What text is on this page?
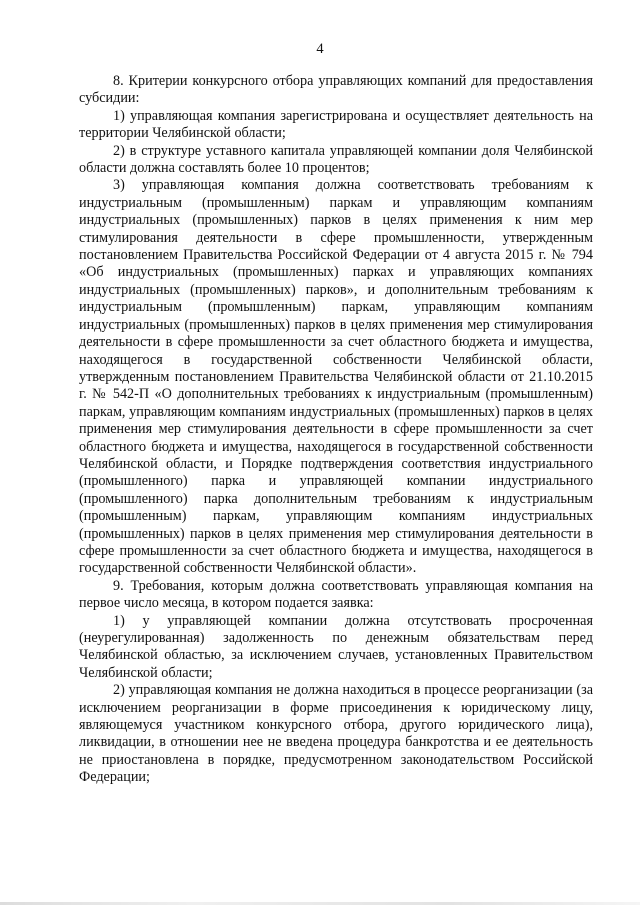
4

8. Критерии конкурсного отбора управляющих компаний для предоставления субсидии:

1) управляющая компания зарегистрирована и осуществляет деятельность на территории Челябинской области;

2) в структуре уставного капитала управляющей компании доля Челябинской области должна составлять более 10 процентов;

3) управляющая компания должна соответствовать требованиям к индустриальным (промышленным) паркам и управляющим компаниям индустриальных (промышленных) парков в целях применения к ним мер стимулирования деятельности в сфере промышленности, утвержденным постановлением Правительства Российской Федерации от 4 августа 2015 г. № 794 «Об индустриальных (промышленных) парках и управляющих компаниях индустриальных (промышленных) парков», и дополнительным требованиям к индустриальным (промышленным) паркам, управляющим компаниям индустриальных (промышленных) парков в целях применения мер стимулирования деятельности в сфере промышленности за счет областного бюджета и имущества, находящегося в государственной собственности Челябинской области, утвержденным постановлением Правительства Челябинской области от 21.10.2015 г. № 542-П «О дополнительных требованиях к индустриальным (промышленным) паркам, управляющим компаниям индустриальных (промышленных) парков в целях применения мер стимулирования деятельности в сфере промышленности за счет областного бюджета и имущества, находящегося в государственной собственности Челябинской области, и Порядке подтверждения соответствия индустриального (промышленного) парка и управляющей компании индустриального (промышленного) парка дополнительным требованиям к индустриальным (промышленным) паркам, управляющим компаниям индустриальных (промышленных) парков в целях применения мер стимулирования деятельности в сфере промышленности за счет областного бюджета и имущества, находящегося в государственной собственности Челябинской области».

9. Требования, которым должна соответствовать управляющая компания на первое число месяца, в котором подается заявка:

1) у управляющей компании должна отсутствовать просроченная (неурегулированная) задолженность по денежным обязательствам перед Челябинской областью, за исключением случаев, установленных Правительством Челябинской области;

2) управляющая компания не должна находиться в процессе реорганизации (за исключением реорганизации в форме присоединения к юридическому лицу, являющемуся участником конкурсного отбора, другого юридического лица), ликвидации, в отношении нее не введена процедура банкротства и ее деятельность не приостановлена в порядке, предусмотренном законодательством Российской Федерации;
